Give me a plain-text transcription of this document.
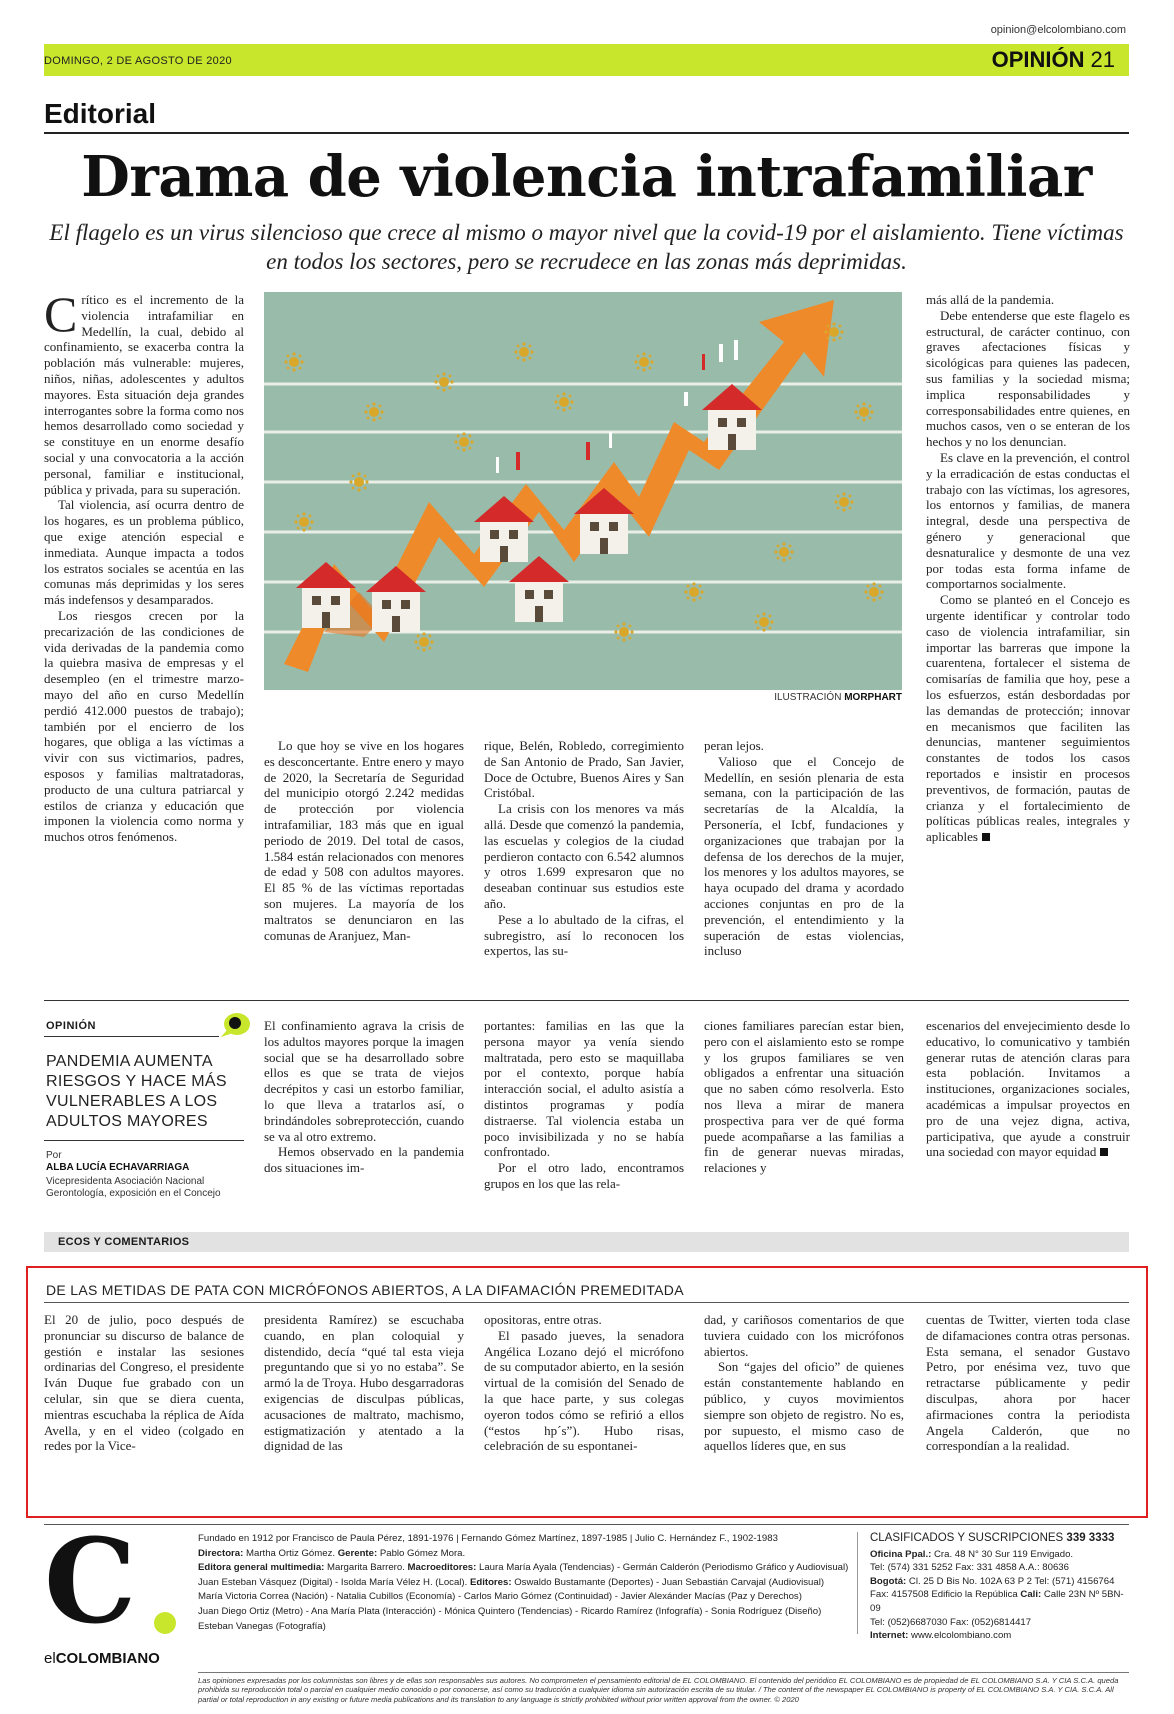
opinion@elcolombiano.com
DOMINGO, 2 DE AGOSTO DE 2020	OPINIÓN 21
Editorial
Drama de violencia intrafamiliar
El flagelo es un virus silencioso que crece al mismo o mayor nivel que la covid-19 por el aislamiento. Tiene víctimas en todos los sectores, pero se recrudece en las zonas más deprimidas.

Crítico es el incremento de la violencia intrafamiliar en Medellín, la cual, debido al confinamiento, se exacerba contra la población más vulnerable: mujeres, niños, niñas, adolescentes y adultos mayores. Esta situación deja grandes interrogantes sobre la forma como nos hemos desarrollado como sociedad y se constituye en un enorme desafío social y una convocatoria a la acción personal, familiar e institucional, pública y privada, para su superación.

Tal violencia, así ocurra dentro de los hogares, es un problema público, que exige atención especial e inmediata. Aunque impacta a todos los estratos sociales se acentúa en las comunas más deprimidas y los seres más indefensos y desamparados.

Los riesgos crecen por la precarización de las condiciones de vida derivadas de la pandemia como la quiebra masiva de empresas y el desempleo (en el trimestre marzo-mayo del año en curso Medellín perdió 412.000 puestos de trabajo); también por el encierro de los hogares, que obliga a las víctimas a vivir con sus victimarios, padres, esposos y familias maltratadoras, producto de una cultura patriarcal y estilos de crianza y educación que imponen la violencia como norma y muchos otros fenómenos.

ILUSTRACIÓN MORPHART

Lo que hoy se vive en los hogares es desconcertante. Entre enero y mayo de 2020, la Secretaría de Seguridad del municipio otorgó 2.242 medidas de protección por violencia intrafamiliar, 183 más que en igual periodo de 2019. Del total de casos, 1.584 están relacionados con menores de edad y 508 con adultos mayores. El 85 % de las víctimas reportadas son mujeres. La mayoría de los maltratos se denunciaron en las comunas de Aranjuez, Man-

rique, Belén, Robledo, corregimiento de San Antonio de Prado, San Javier, Doce de Octubre, Buenos Aires y San Cristóbal.

La crisis con los menores va más allá. Desde que comenzó la pandemia, las escuelas y colegios de la ciudad perdieron contacto con 6.542 alumnos y otros 1.699 expresaron que no deseaban continuar sus estudios este año.

Pese a lo abultado de la cifras, el subregistro, así lo reconocen los expertos, las su-

peran lejos.

Valioso que el Concejo de Medellín, en sesión plenaria de esta semana, con la participación de las secretarías de la Alcaldía, la Personería, el Icbf, fundaciones y organizaciones que trabajan por la defensa de los derechos de la mujer, los menores y los adultos mayores, se haya ocupado del drama y acordado acciones conjuntas en pro de la prevención, el entendimiento y la superación de estas violencias, incluso

más allá de la pandemia.

Debe entenderse que este flagelo es estructural, de carácter continuo, con graves afectaciones físicas y sicológicas para quienes las padecen, sus familias y la sociedad misma; implica responsabilidades y corresponsabilidades entre quienes, en muchos casos, ven o se enteran de los hechos y no los denuncian.

Es clave en la prevención, el control y la erradicación de estas conductas el trabajo con las víctimas, los agresores, los entornos y familias, de manera integral, desde una perspectiva de género y generacional que desnaturalice y desmonte de una vez por todas esta forma infame de comportarnos socialmente.

Como se planteó en el Concejo es urgente identificar y controlar todo caso de violencia intrafamiliar, sin importar las barreras que impone la cuarentena, fortalecer el sistema de comisarías de familia que hoy, pese a los esfuerzos, están desbordadas por las demandas de protección; innovar en mecanismos que faciliten las denuncias, mantener seguimientos constantes de todos los casos reportados e insistir en procesos preventivos, de formación, pautas de crianza y el fortalecimiento de políticas públicas reales, integrales y aplicables

OPINIÓN
PANDEMIA AUMENTA RIESGOS Y HACE MÁS VULNERABLES A LOS ADULTOS MAYORES
Por
ALBA LUCÍA ECHAVARRIAGA
Vicepresidenta Asociación Nacional Gerontología, exposición en el Concejo

El confinamiento agrava la crisis de los adultos mayores porque la imagen social que se ha desarrollado sobre ellos es que se trata de viejos decrépitos y casi un estorbo familiar, lo que lleva a tratarlos así, o brindándoles sobreprotección, cuando se va al otro extremo.

Hemos observado en la pandemia dos situaciones im-

portantes: familias en las que la persona mayor ya venía siendo maltratada, pero esto se maquillaba por el contexto, porque había interacción social, el adulto asistía a distintos programas y podía distraerse. Tal violencia estaba un poco invisibilizada y no se había confrontado.

Por el otro lado, encontramos grupos en los que las rela-

ciones familiares parecían estar bien, pero con el aislamiento esto se rompe y los grupos familiares se ven obligados a enfrentar una situación que no saben cómo resolverla. Esto nos lleva a mirar de manera prospectiva para ver de qué forma puede acompañarse a las familias a fin de generar nuevas miradas, relaciones y

escenarios del envejecimiento desde lo educativo, lo comunicativo y también generar rutas de atención claras para esta población. Invitamos a instituciones, organizaciones sociales, académicas a impulsar proyectos en pro de una vejez digna, activa, participativa, que ayude a construir una sociedad con mayor equidad

ECOS Y COMENTARIOS
DE LAS METIDAS DE PATA CON MICRÓFONOS ABIERTOS, A LA DIFAMACIÓN PREMEDITADA

El 20 de julio, poco después de pronunciar su discurso de balance de gestión e instalar las sesiones ordinarias del Congreso, el presidente Iván Duque fue grabado con un celular, sin que se diera cuenta, mientras escuchaba la réplica de Aída Avella, y en el video (colgado en redes por la Vice-

presidenta Ramírez) se escuchaba cuando, en plan coloquial y distendido, decía “qué tal esta vieja preguntando que si yo no estaba”. Se armó la de Troya. Hubo desgarradoras exigencias de disculpas públicas, acusaciones de maltrato, machismo, estigmatización y atentado a la dignidad de las

opositoras, entre otras.

El pasado jueves, la senadora Angélica Lozano dejó el micrófono de su computador abierto, en la sesión virtual de la comisión del Senado de la que hace parte, y sus colegas oyeron todos cómo se refirió a ellos (“estos hp´s”). Hubo risas, celebración de su espontanei-

dad, y cariñosos comentarios de que tuviera cuidado con los micrófonos abiertos.

Son “gajes del oficio” de quienes están constantemente hablando en público, y cuyos movimientos siempre son objeto de registro. No es, por supuesto, el mismo caso de aquellos líderes que, en sus

cuentas de Twitter, vierten toda clase de difamaciones contra otras personas. Esta semana, el senador Gustavo Petro, por enésima vez, tuvo que retractarse públicamente y pedir disculpas, ahora por hacer afirmaciones contra la periodista Angela Calderón, que no correspondían a la realidad.

C
elCOLOMBIANO
Fundado en 1912 por Francisco de Paula Pérez, 1891-1976 | Fernando Gómez Martínez, 1897-1985 | Julio C. Hernández F., 1902-1983
Directora: Martha Ortiz Gómez. Gerente: Pablo Gómez Mora.
Editora general multimedia: Margarita Barrero. Macroeditores: Laura María Ayala (Tendencias) - Germán Calderón (Periodismo Gráfico y Audiovisual)
Juan Esteban Vásquez (Digital) - Isolda María Vélez H. (Local). Editores: Oswaldo Bustamante (Deportes) - Juan Sebastián Carvajal (Audiovisual)
María Victoria Correa (Nación) - Natalia Cubillos (Economía) - Carlos Mario Gómez (Continuidad) - Javier Alexánder Macías (Paz y Derechos)
Juan Diego Ortiz (Metro) - Ana María Plata (Interacción) - Mónica Quintero (Tendencias) - Ricardo Ramírez (Infografía) - Sonia Rodríguez (Diseño)
Esteban Vanegas (Fotografía)
CLASIFICADOS Y SUSCRIPCIONES 339 3333
Oficina Ppal.: Cra. 48 N° 30 Sur 119 Envigado.
Tel: (574) 331 5252 Fax: 331 4858 A.A.: 80636
Bogotá: Cl. 25 D Bis No. 102A 63 P 2 Tel: (571) 4156764
Fax: 4157508 Edificio la República Cali: Calle 23N Nº 5BN-09
Tel: (052)6687030 Fax: (052)6814417
Internet: www.elcolombiano.com
Las opiniones expresadas por los columnistas son libres y de ellas son responsables sus autores. No comprometen el pensamiento editorial de EL COLOMBIANO. El contenido del periódico EL COLOMBIANO es de propiedad de EL COLOMBIANO S.A. Y CIA S.C.A. queda prohibida su reproducción total o parcial en cualquier medio conocido o por conocerse, así como su traducción a cualquier idioma sin autorización escrita de su titular. / The content of the newspaper EL COLOMBIANO is property of EL COLOMBIANO S.A. Y CIA. S.C.A. All partial or total reproduction in any existing or future media publications and its translation to any language is strictly prohibited without prior written approval from the owner. © 2020
